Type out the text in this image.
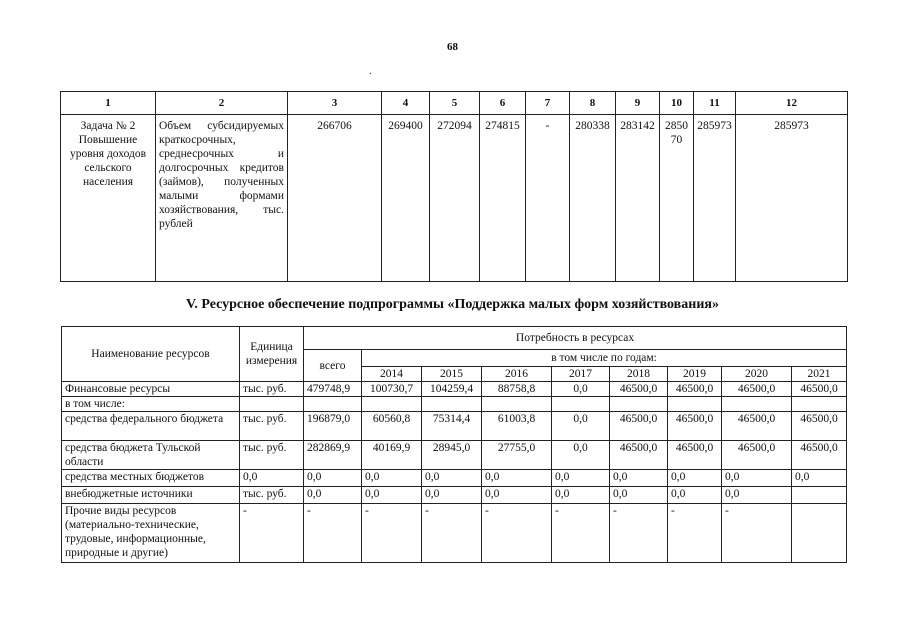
68
.
1	2	3	4	5	6	7	8	9	10	11	12
Задача № 2 Повышение уровня доходов сельского населения	Объем субсидируемых краткосрочных, среднесрочных и долгосрочных кредитов (займов), полученных малыми формами хозяйствования, тыс. рублей	266706	269400	272094	274815	-	280338	283142	2850 70	285973	285973
V. Ресурсное обеспечение подпрограммы «Поддержка малых форм хозяйствования»
Наименование ресурсов	Единица измерения	Потребность в ресурсах								
		всего	в том числе по годам:							
			2014	2015	2016	2017	2018	2019	2020	2021
Финансовые ресурсы	тыс. руб.	479748,9	100730,7	104259,4	88758,8	0,0	46500,0	46500,0	46500,0	46500,0
в том числе:										
средства федерального бюджета	тыс. руб.	196879,0	60560,8	75314,4	61003,8	0,0	46500,0	46500,0	46500,0	46500,0
средства бюджета Тульской области	тыс. руб.	282869,9	40169,9	28945,0	27755,0	0,0	46500,0	46500,0	46500,0	46500,0
средства местных бюджетов	0,0	0,0	0,0	0,0	0,0	0,0	0,0	0,0	0,0	0,0
внебюджетные источники	тыс. руб.	0,0	0,0	0,0	0,0	0,0	0,0	0,0	0,0	
Прочие виды ресурсов (материально-технические, трудовые, информационные, природные и другие)	-	-	-	-	-	-	-	-	-	
